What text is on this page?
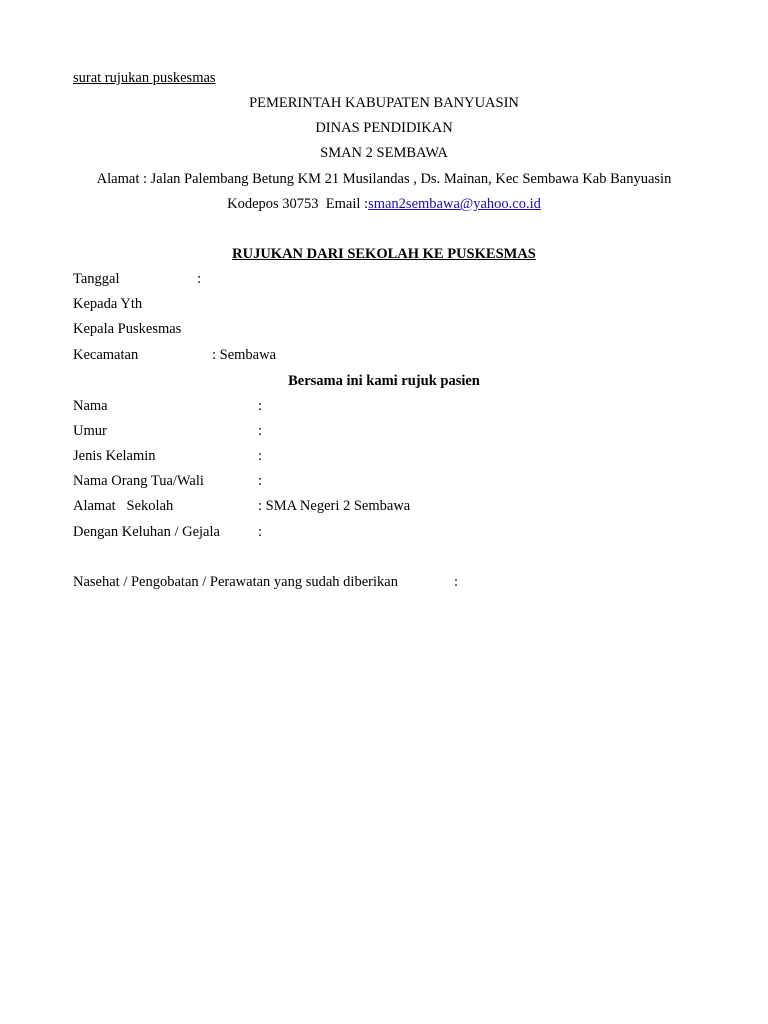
surat rujukan puskesmas
PEMERINTAH KABUPATEN BANYUASIN
DINAS PENDIDIKAN
SMAN 2 SEMBAWA
Alamat : Jalan Palembang Betung KM 21 Musilandas , Ds. Mainan, Kec Sembawa Kab Banyuasin
Kodepos 30753  Email :sman2sembawa@yahoo.co.id
RUJUKAN DARI SEKOLAH KE PUSKESMAS
Tanggal	:
Kepada Yth
Kepala Puskesmas
Kecamatan	: Sembawa
Bersama ini kami rujuk pasien
Nama	:
Umur	:
Jenis Kelamin	:
Nama Orang Tua/Wali	:
Alamat   Sekolah	: SMA Negeri 2 Sembawa
Dengan Keluhan / Gejala	:
Nasehat / Pengobatan / Perawatan yang sudah diberikan	:
